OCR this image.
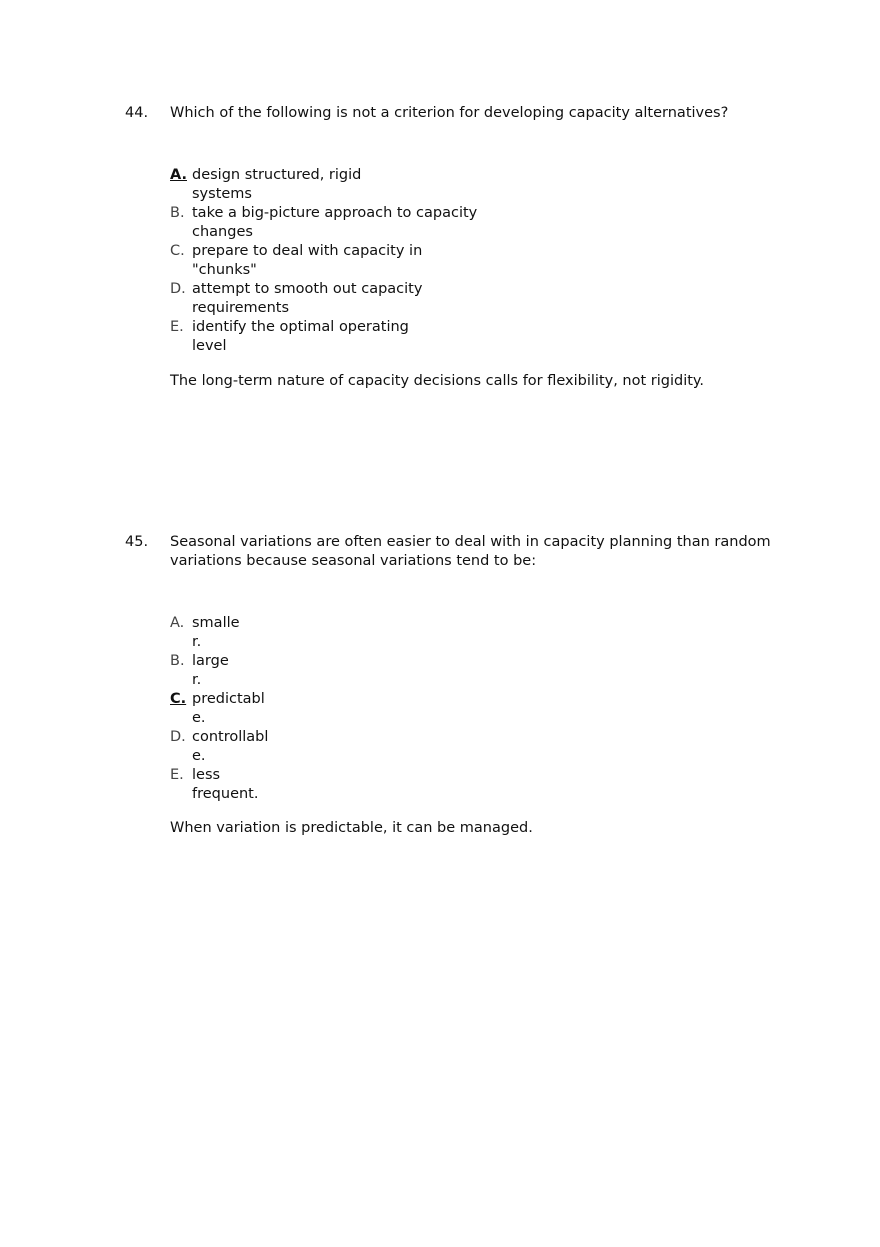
44. Which of the following is not a criterion for developing capacity alternatives?
A. design structured, rigid
systems
B. take a big-picture approach to capacity
changes
C. prepare to deal with capacity in
"chunks"
D. attempt to smooth out capacity
requirements
E. identify the optimal operating
level
The long-term nature of capacity decisions calls for flexibility, not rigidity.
45. Seasonal variations are often easier to deal with in capacity planning than random
variations because seasonal variations tend to be:
A. smalle
r.
B. large
r.
C. predictabl
e.
D. controllabl
e.
E. less
frequent.
When variation is predictable, it can be managed.
